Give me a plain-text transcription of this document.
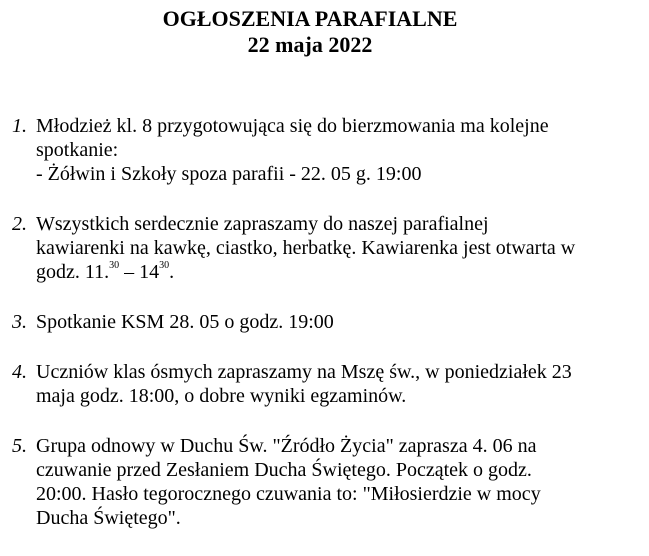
OGŁOSZENIA PARAFIALNE
22 maja 2022
1. Młodzież kl. 8 przygotowująca się do bierzmowania ma kolejne
spotkanie:
- Żółwin i Szkoły spoza parafii - 22. 05 g. 19:00
2. Wszystkich serdecznie zapraszamy do naszej parafialnej
kawiarenki na kawkę, ciastko, herbatkę. Kawiarenka jest otwarta w
godz. $11.30 - 14^{30}$.
3. Spotkanie KSM 28. 05 o godz. 19:00
4. Uczniów klas ósmych zapraszamy na Mszę św., w poniedziałek 23
maja godz. 18:00, o dobre wyniki egzaminów.
5. Grupa odnowy w Duchu Św. "Źródło Życia" zaprasza 4. 06 na
czuwanie przed Zesłaniem Ducha Świętego. Początek o godz.
20:00. Hasło tegorocznego czuwania to: "Miłosierdzie w mocy
Ducha Świętego".
